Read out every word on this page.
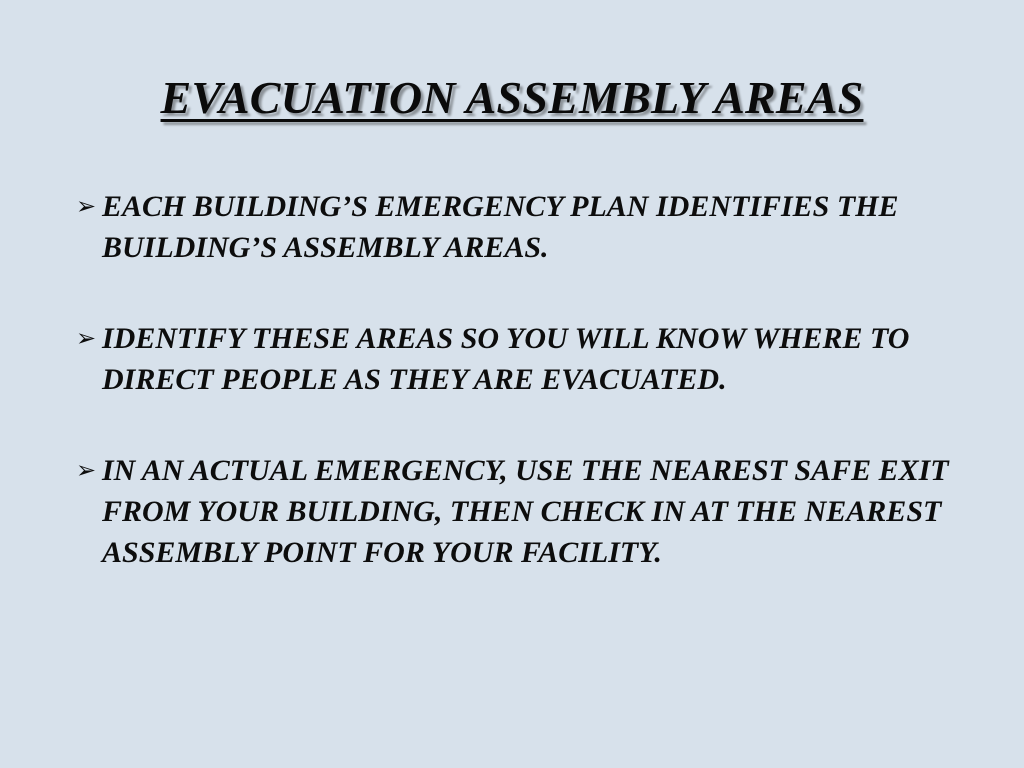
EVACUATION ASSEMBLY AREAS
➢ EACH BUILDING’S EMERGENCY PLAN IDENTIFIES THE BUILDING’S ASSEMBLY AREAS.
➢ IDENTIFY THESE AREAS SO YOU WILL KNOW WHERE TO DIRECT PEOPLE AS THEY ARE EVACUATED.
➢ IN AN ACTUAL EMERGENCY, USE THE NEAREST SAFE EXIT FROM YOUR BUILDING, THEN CHECK IN AT THE NEAREST ASSEMBLY POINT FOR YOUR FACILITY.
